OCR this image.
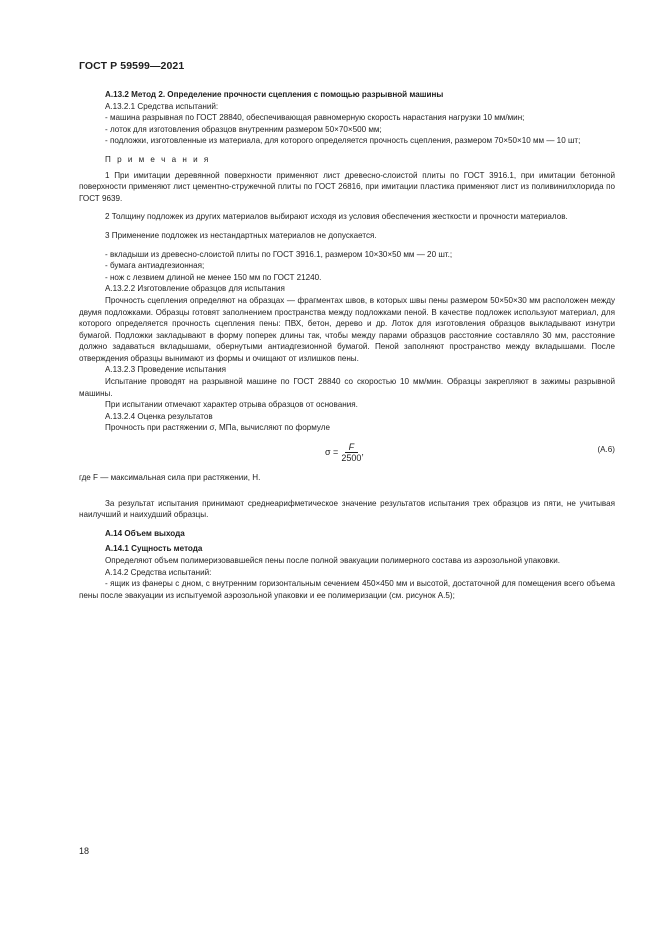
ГОСТ Р 59599—2021

А.13.2 Метод 2. Определение прочности сцепления с помощью разрывной машины

А.13.2.1 Средства испытаний:

- машина разрывная по ГОСТ 28840, обеспечивающая равномерную скорость нарастания нагрузки 10 мм/мин;

- лоток для изготовления образцов внутренним размером 50×70×500 мм;

- подложки, изготовленные из материала, для которого определяется прочность сцепления, размером 70×50×10 мм — 10 шт;

П р и м е ч а н и я

1 При имитации деревянной поверхности применяют лист древесно-слоистой плиты по ГОСТ 3916.1, при имитации бетонной поверхности применяют лист цементно-стружечной плиты по ГОСТ 26816, при имитации пластика применяют лист из поливинилхлорида по ГОСТ 9639.

2 Толщину подложек из других материалов выбирают исходя из условия обеспечения жесткости и прочности материалов.

3 Применение подложек из нестандартных материалов не допускается.

- вкладыши из древесно-слоистой плиты по ГОСТ 3916.1, размером 10×30×50 мм — 20 шт.;

- бумага антиадгезионная;

- нож с лезвием длиной не менее 150 мм по ГОСТ 21240.

А.13.2.2 Изготовление образцов для испытания

Прочность сцепления определяют на образцах — фрагментах швов, в которых швы пены размером 50×50×30 мм расположен между двумя подложками. Образцы готовят заполнением пространства между подложками пеной. В качестве подложек используют материал, для которого определяется прочность сцепления пены: ПВХ, бетон, дерево и др. Лоток для изготовления образцов выкладывают изнутри бумагой. Подложки закладывают в форму поперек длины так, чтобы между парами образцов расстояние составляло 30 мм, расстояние должно задаваться вкладышами, обернутыми антиадгезионной бумагой. Пеной заполняют пространство между вкладышами. После отверждения образцы вынимают из формы и очищают от излишков пены.

А.13.2.3 Проведение испытания

Испытание проводят на разрывной машине по ГОСТ 28840 со скоростью 10 мм/мин. Образцы закрепляют в зажимы разрывной машины.

При испытании отмечают характер отрыва образцов от основания.

А.13.2.4 Оценка результатов

Прочность при растяжении σ, МПа, вычисляют по формуле

$\sigma = \frac{F}{2500}$ ,	(А.6)

где F — максимальная сила при растяжении, Н.

За результат испытания принимают среднеарифметическое значение результатов испытания трех образцов из пяти, не учитывая наилучший и наихудший образцы.

А.14 Объем выхода

А.14.1 Сущность метода

Определяют объем полимеризовавшейся пены после полной эвакуации полимерного состава из аэрозольной упаковки.

А.14.2 Средства испытаний:

- ящик из фанеры с дном, с внутренним горизонтальным сечением 450×450 мм и высотой, достаточной для помещения всего объема пены после эвакуации из испытуемой аэрозольной упаковки и ее полимеризации (см. рисунок А.5);

18
